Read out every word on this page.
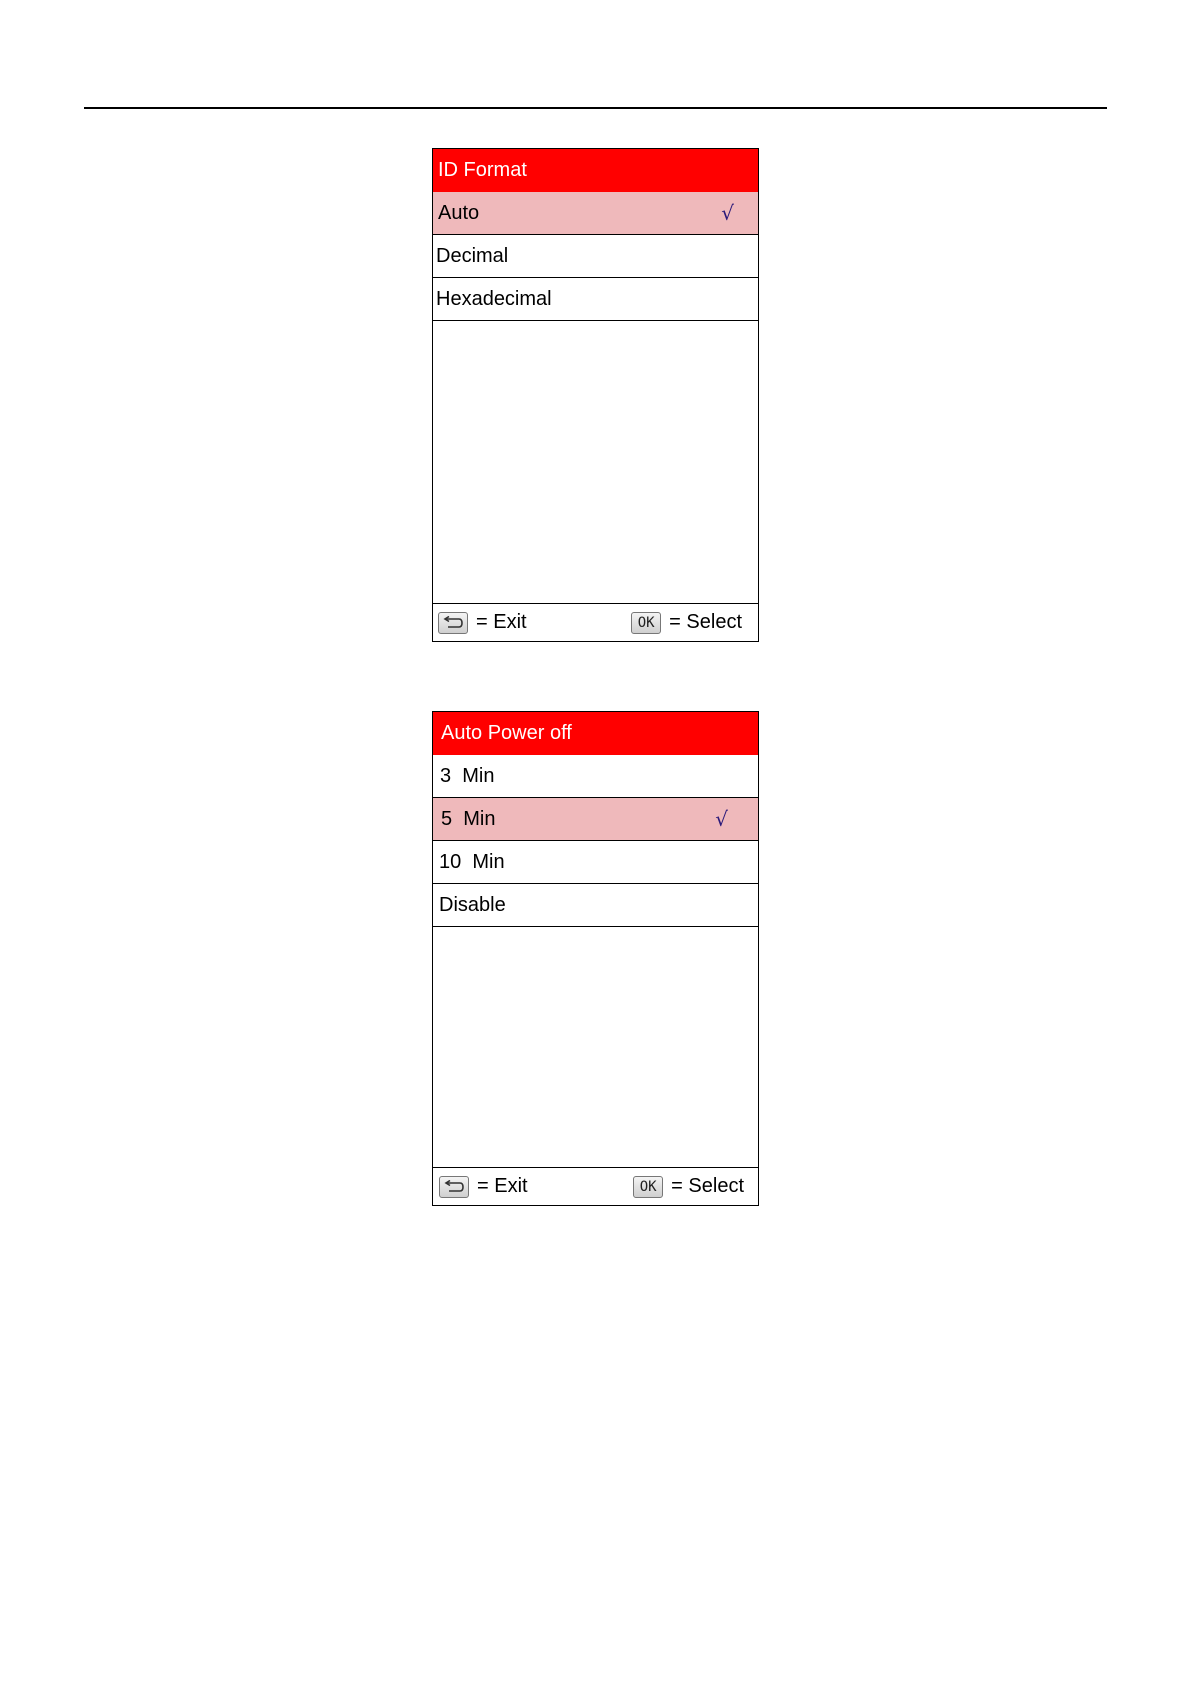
ID Format
Auto	√
Decimal
Hexadecimal
= Exit	OK = Select
Auto Power off
3  Min
5  Min	√
10  Min
Disable
= Exit	OK = Select
